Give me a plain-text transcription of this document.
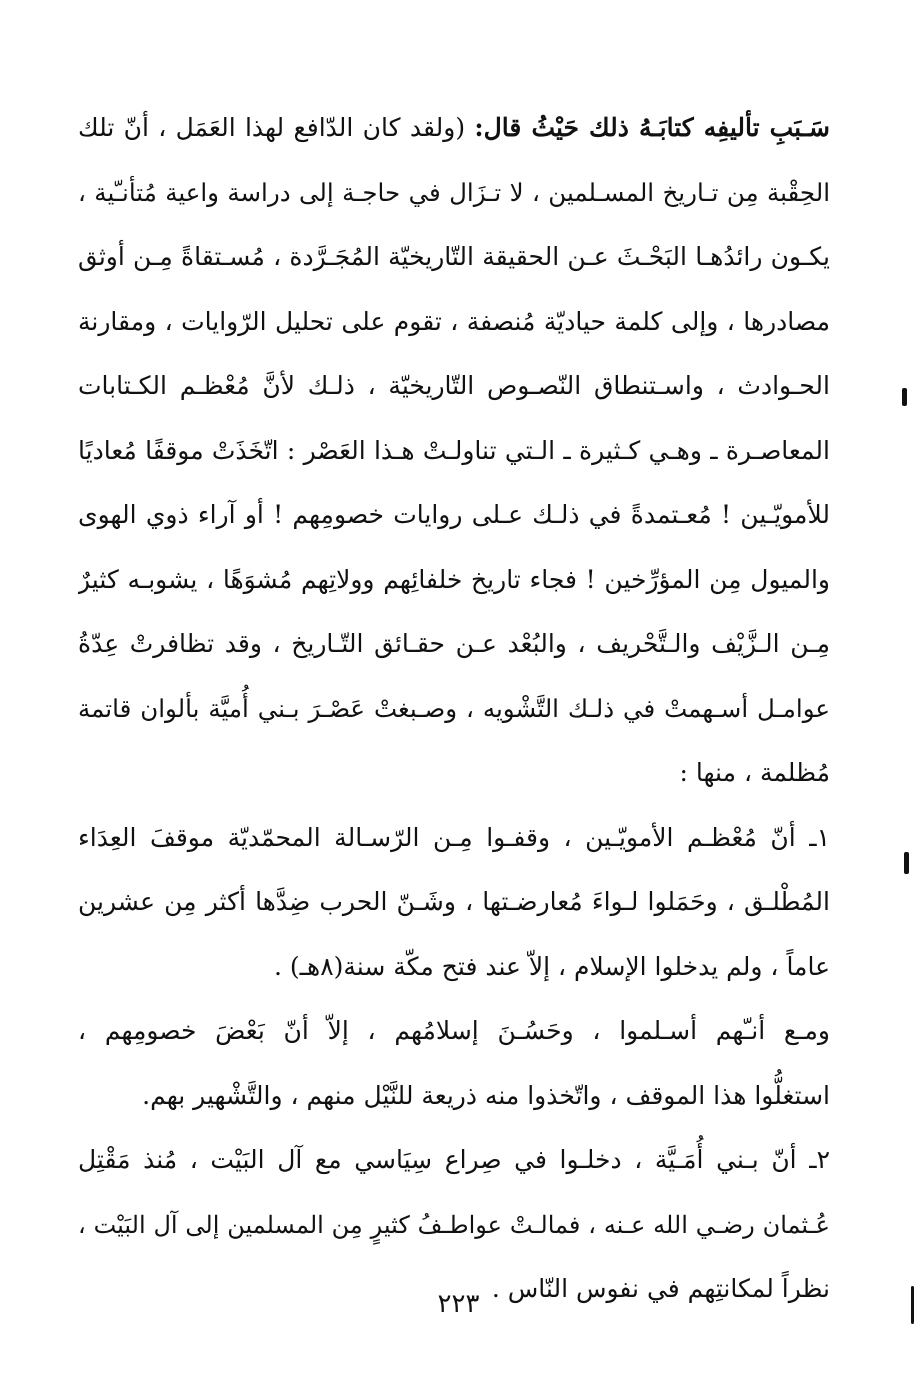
سَـبَبِ تأليفِه كتابَـهُ ذلك حَيْثُ قال: (ولقد كان الدّافع لهذا العَمَل ، أنّ تلك
الحِقْبة مِن تـاريخ المسـلمين ، لا تـزَال في حاجـة إلى دراسة واعية مُتأنـّية ،
يكـون رائدُهـا البَحْـثَ عـن الحقيقة التّاريخيّة المُجَـرَّدة ، مُسـتقاةً مِـن أوثق
مصادرها ، وإلى كلمة حياديّة مُنصفة ، تقوم على تحليل الرّوايات ، ومقارنة
الحـوادث ، واسـتنطاق النّصـوص التّاريخيّة ، ذلـك لأنَّ مُعْظـم الكـتابات
المعاصـرة ـ وهـي كـثيرة ـ الـتي تناولـتْ هـذا العَصْر : اتّخَذَتْ موقفًا مُعاديًا
للأمويّـين ! مُعـتمدةً في ذلـك عـلى روايات خصومِهم ! أو آراء ذوي الهوى
والميول مِن المؤرِّخين ! فجاء تاريخ خلفائِهم وولاتِهم مُشوَهًا ، يشوبـه كثيرٌ
مِـن الـزَّيْف والـتَّحْريف ، والبُعْد عـن حقـائق التّـاريخ ، وقد تظافرتْ عِدّةُ
عوامـل أسـهمتْ في ذلـك التَّشْويه ، وصـبغتْ عَصْـرَ بـني أُميَّة بألوان قاتمة
مُظلمة ، منها :
١ـ أنّ مُعْظـم الأمويّـين ، وقفـوا مِـن الرّسـالة المحمّديّة موقفَ العِدَاء
المُطْلـق ، وحَمَلوا لـواءَ مُعارضـتها ، وشَـنّ الحرب ضِدَّها أكثر مِن عشرين
عاماً ، ولم يدخلوا الإسلام ، إلاّ عند فتح مكّة سنة(٨هـ) .
ومـع أنـّهم أسـلموا ، وحَسُـنَ إسلامُهم ، إلاّ أنّ بَعْضَ خصومِهم ،
استغلُّوا هذا الموقف ، واتّخذوا منه ذريعة للنَّيْل منهم ، والتَّشْهير بهم.
٢ـ أنّ بـني أُمَـيَّة ، دخلـوا في صِراع سِيَاسي مع آل البَيْت ، مُنذ مَقْتِل
عُـثمان رضـي الله عـنه ، فمالـتْ عواطـفُ كثيرٍ مِن المسلمين إلى آل البَيْت ،
نظراً لمكانتِهم في نفوس النّاس .
٢٢٣
